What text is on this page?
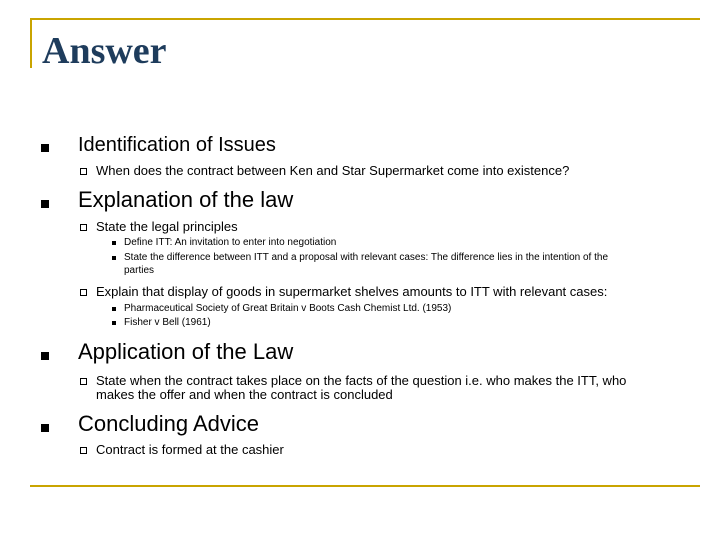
Answer
Identification of Issues
When does the contract between Ken and Star Supermarket come into existence?
Explanation of the law
State the legal principles
Define ITT: An invitation to enter into negotiation
State the difference between ITT and a proposal with relevant cases: The difference lies in the intention of the
parties
Explain that display of goods in supermarket shelves amounts to ITT with relevant cases:
Pharmaceutical Society of Great Britain v Boots Cash Chemist Ltd. (1953)
Fisher v Bell (1961)
Application of the Law
State when the contract takes place on the facts of the question i.e. who makes the ITT, who
makes the offer and when the contract is concluded
Concluding Advice
Contract is formed at the cashier
